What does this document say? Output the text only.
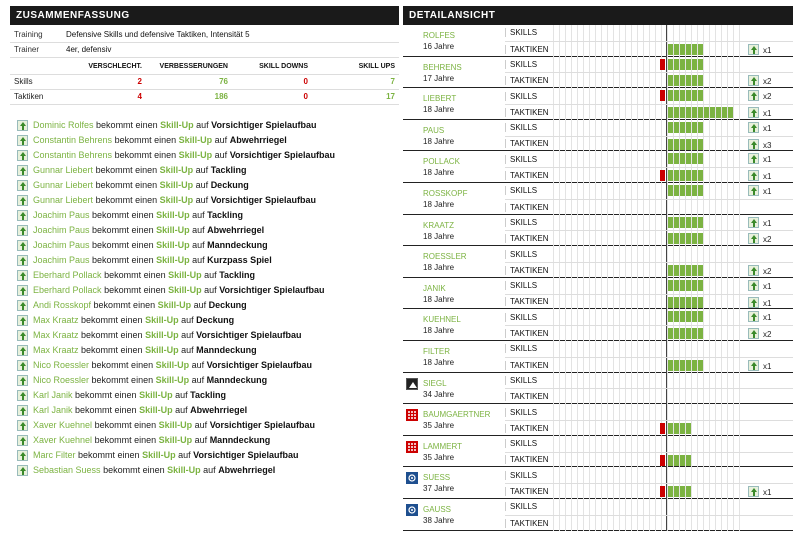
ZUSAMMENFASSUNG
Training	Defensive Skills und defensive Taktiken, Intensität 5
Trainer	4er, defensiv
	VERSCHLECHT.	VERBESSERUNGEN	SKILL DOWNS	SKILL UPS
Skills	2	76	0	7
Taktiken	4	186	0	17
Dominic Rolfes
bekommt einen
Skill-Up
auf
Vorsichtiger Spielaufbau
Constantin Behrens
bekommt einen
Skill-Up
auf
Abwehrriegel
Constantin Behrens
bekommt einen
Skill-Up
auf
Vorsichtiger Spielaufbau
Gunnar Liebert
bekommt einen
Skill-Up
auf
Tackling
Gunnar Liebert
bekommt einen
Skill-Up
auf
Deckung
Gunnar Liebert
bekommt einen
Skill-Up
auf
Vorsichtiger Spielaufbau
Joachim Paus
bekommt einen
Skill-Up
auf
Tackling
Joachim Paus
bekommt einen
Skill-Up
auf
Abwehrriegel
Joachim Paus
bekommt einen
Skill-Up
auf
Manndeckung
Joachim Paus
bekommt einen
Skill-Up
auf
Kurzpass Spiel
Eberhard Pollack
bekommt einen
Skill-Up
auf
Tackling
Eberhard Pollack
bekommt einen
Skill-Up
auf
Vorsichtiger Spielaufbau
Andi Rosskopf
bekommt einen
Skill-Up
auf
Deckung
Max Kraatz
bekommt einen
Skill-Up
auf
Deckung
Max Kraatz
bekommt einen
Skill-Up
auf
Vorsichtiger Spielaufbau
Max Kraatz
bekommt einen
Skill-Up
auf
Manndeckung
Nico Roessler
bekommt einen
Skill-Up
auf
Vorsichtiger Spielaufbau
Nico Roessler
bekommt einen
Skill-Up
auf
Manndeckung
Karl Janik
bekommt einen
Skill-Up
auf
Tackling
Karl Janik
bekommt einen
Skill-Up
auf
Abwehrriegel
Xaver Kuehnel
bekommt einen
Skill-Up
auf
Vorsichtiger Spielaufbau
Xaver Kuehnel
bekommt einen
Skill-Up
auf
Manndeckung
Marc Filter
bekommt einen
Skill-Up
auf
Vorsichtiger Spielaufbau
Sebastian Suess
bekommt einen
Skill-Up
auf
Abwehrriegel
DETAILANSICHT
ROLFES
16 Jahre
SKILLS
TAKTIKEN	x1
BEHRENS
17 Jahre
SKILLS
TAKTIKEN	x2
LIEBERT
18 Jahre
SKILLS	x2
TAKTIKEN	x1
PAUS
18 Jahre
SKILLS	x1
TAKTIKEN	x3
POLLACK
18 Jahre
SKILLS	x1
TAKTIKEN	x1
ROSSKOPF
18 Jahre
SKILLS	x1
TAKTIKEN
KRAATZ
18 Jahre
SKILLS	x1
TAKTIKEN	x2
ROESSLER
18 Jahre
SKILLS
TAKTIKEN	x2
JANIK
18 Jahre
SKILLS	x1
TAKTIKEN	x1
KUEHNEL
18 Jahre
SKILLS	x1
TAKTIKEN	x2
FILTER
18 Jahre
SKILLS
TAKTIKEN	x1
SIEGL
34 Jahre
SKILLS
TAKTIKEN
BAUMGAERTNER
35 Jahre
SKILLS
TAKTIKEN
LAMMERT
35 Jahre
SKILLS
TAKTIKEN
SUESS
37 Jahre
SKILLS
TAKTIKEN	x1
GAUSS
38 Jahre
SKILLS
TAKTIKEN
